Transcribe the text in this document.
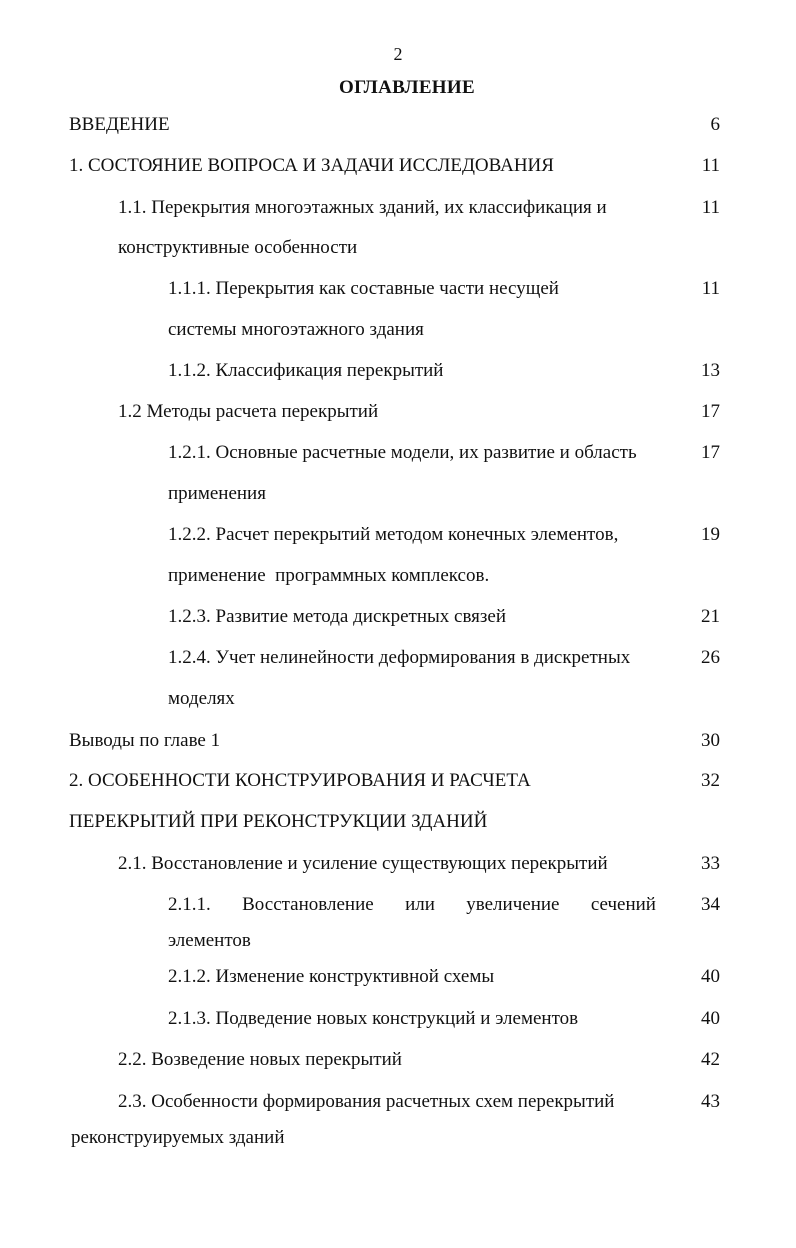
2
ОГЛАВЛЕНИЕ
ВВЕДЕНИЕ	6
1. СОСТОЯНИЕ ВОПРОСА И ЗАДАЧИ ИССЛЕДОВАНИЯ	11
1.1. Перекрытия многоэтажных зданий, их классификация и	11
конструктивные особенности
1.1.1. Перекрытия как составные части несущей	11
системы многоэтажного здания
1.1.2. Классификация перекрытий	13
1.2 Методы расчета перекрытий	17
1.2.1. Основные расчетные модели, их развитие и область	17
применения
1.2.2. Расчет перекрытий методом конечных элементов,	19
применение  программных комплексов.
1.2.3. Развитие метода дискретных связей	21
1.2.4. Учет нелинейности деформирования в дискретных	26
моделях
Выводы по главе 1	30
2. ОСОБЕННОСТИ КОНСТРУИРОВАНИЯ И РАСЧЕТА	32
ПЕРЕКРЫТИЙ ПРИ РЕКОНСТРУКЦИИ ЗДАНИЙ
2.1. Восстановление и усиление существующих перекрытий	33
2.1.1. Восстановление или увеличение сечений	34
элементов
2.1.2. Изменение конструктивной схемы	40
2.1.3. Подведение новых конструкций и элементов	40
2.2. Возведение новых перекрытий	42
2.3. Особенности формирования расчетных схем перекрытий	43
реконструируемых зданий
